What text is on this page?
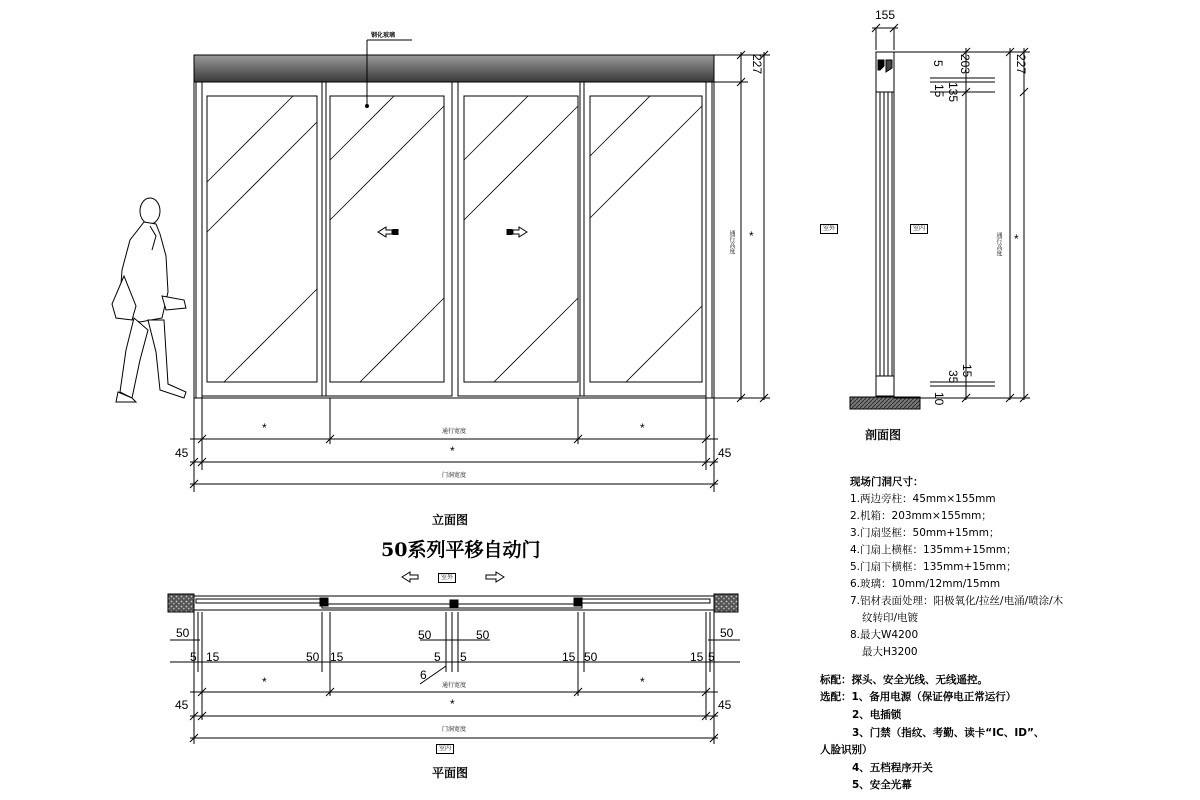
钢化玻璃
227
*
通行高度
*	通行宽度	*
*
45	45
门洞宽度
立面图
50系列平移自动门
155
5 203
135
15
227
*
通行高度
35 15
10
室外	室内
剖面图
室外
50	50	50	50
5 15	50 15	5 5	15 50	15 5
6
*	通行宽度	*
*
45	45
门洞宽度
室内
平面图
现场门洞尺寸：
1.两边旁柱：45mm×155mm
2.机箱：203mm×155mm；
3.门扇竖框：50mm+15mm；
4.门扇上横框：135mm+15mm；
5.门扇下横框：135mm+15mm；
6.玻璃：10mm/12mm/15mm
7.铝材表面处理：阳极氧化/拉丝/电涌/喷涂/木
纹转印/电镀
8.最大W4200
最大H3200
标配：探头、安全光线、无线遥控。
选配：1、备用电源（保证停电正常运行）
2、电插锁
3、门禁（指纹、考勤、读卡“IC、ID”、
人脸识别）
4、五档程序开关
5、安全光幕
